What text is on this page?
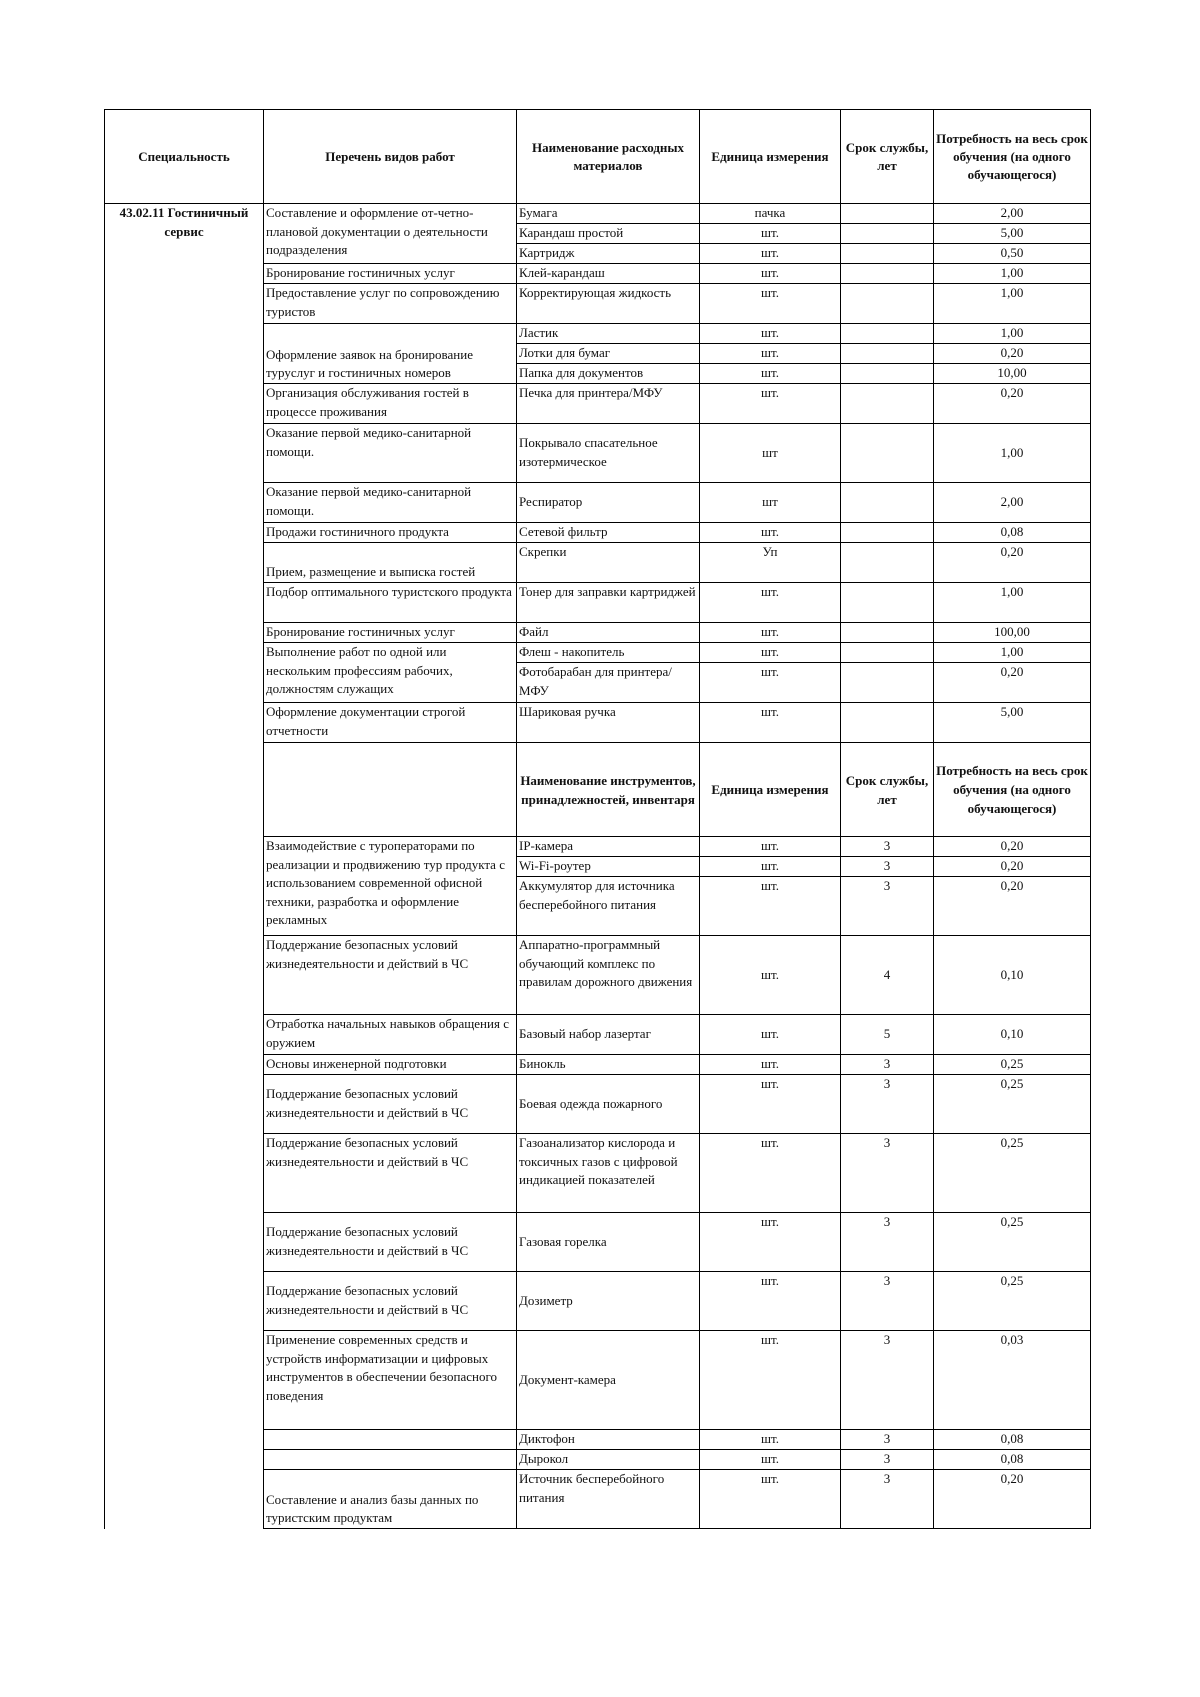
Специальность	Перечень видов работ	Наименование расходных материалов	Единица измерения	Срок службы, лет	Потребность на весь срок обучения (на одного обучающегося)
43.02.11 Гостиничный сервис	Составление и оформление от-четно-плановой документации о деятельности подразделения	Бумага	пачка		2,00
		Карандаш простой	шт.		5,00
		Картридж	шт.		0,50
	Бронирование гостиничных услуг	Клей-карандаш	шт.		1,00
	Предоставление услуг по сопровождению туристов	Корректирующая жидкость	шт.		1,00
	Оформление заявок на бронирование туруслуг и гостиничных номеров	Ластик	шт.		1,00
		Лотки для бумаг	шт.		0,20
		Папка для документов	шт.		10,00
	Организация обслуживания гостей в процессе проживания	Печка для принтера/МФУ	шт.		0,20
	Оказание первой медико-санитарной помощи.	Покрывало спасательное изотермическое	шт		1,00
	Оказание первой медико-санитарной помощи.	Респиратор	шт		2,00
	Продажи гостиничного продукта	Сетевой фильтр	шт.		0,08
	Прием, размещение и выписка гостей	Скрепки	Уп		0,20
	Подбор оптимального туристского продукта	Тонер для заправки картриджей	шт.		1,00
	Бронирование гостиничных услуг	Файл	шт.		100,00
	Выполнение работ по одной или нескольким профессиям рабочих, должностям служащих	Флеш - накопитель	шт.		1,00
		Фотобарабан для принтера/МФУ	шт.		0,20
	Оформление документации строгой отчетности	Шариковая ручка	шт.		5,00
		Наименование инструментов, принадлежностей, инвентаря	Единица измерения	Срок службы, лет	Потребность на весь срок обучения (на одного обучающегося)
	Взаимодействие с туроператорами по реализации и продвижению тур продукта с использованием современной офисной техники, разработка и оформление рекламных	IP-камера	шт.	3	0,20
		Wi-Fi-роутер	шт.	3	0,20
		Аккумулятор для источника бесперебойного питания	шт.	3	0,20
	Поддержание безопасных условий жизнедеятельности и действий в ЧС	Аппаратно-программный обучающий комплекс по правилам дорожного движения	шт.	4	0,10
	Отработка начальных навыков обращения с оружием	Базовый набор лазертаг	шт.	5	0,10
	Основы инженерной подготовки	Бинокль	шт.	3	0,25
	Поддержание безопасных условий жизнедеятельности и действий в ЧС	Боевая одежда пожарного	шт.	3	0,25
	Поддержание безопасных условий жизнедеятельности и действий в ЧС	Газоанализатор кислорода и токсичных газов с цифровой индикацией показателей	шт.	3	0,25
	Поддержание безопасных условий жизнедеятельности и действий в ЧС	Газовая горелка	шт.	3	0,25
	Поддержание безопасных условий жизнедеятельности и действий в ЧС	Дозиметр	шт.	3	0,25
	Применение современных средств и устройств информатизации и цифровых инструментов в обеспечении безопасного поведения	Документ-камера	шт.	3	0,03
		Диктофон	шт.	3	0,08
		Дырокол	шт.	3	0,08
	Составление и анализ базы данных по туристским продуктам	Источник бесперебойного питания	шт.	3	0,20
